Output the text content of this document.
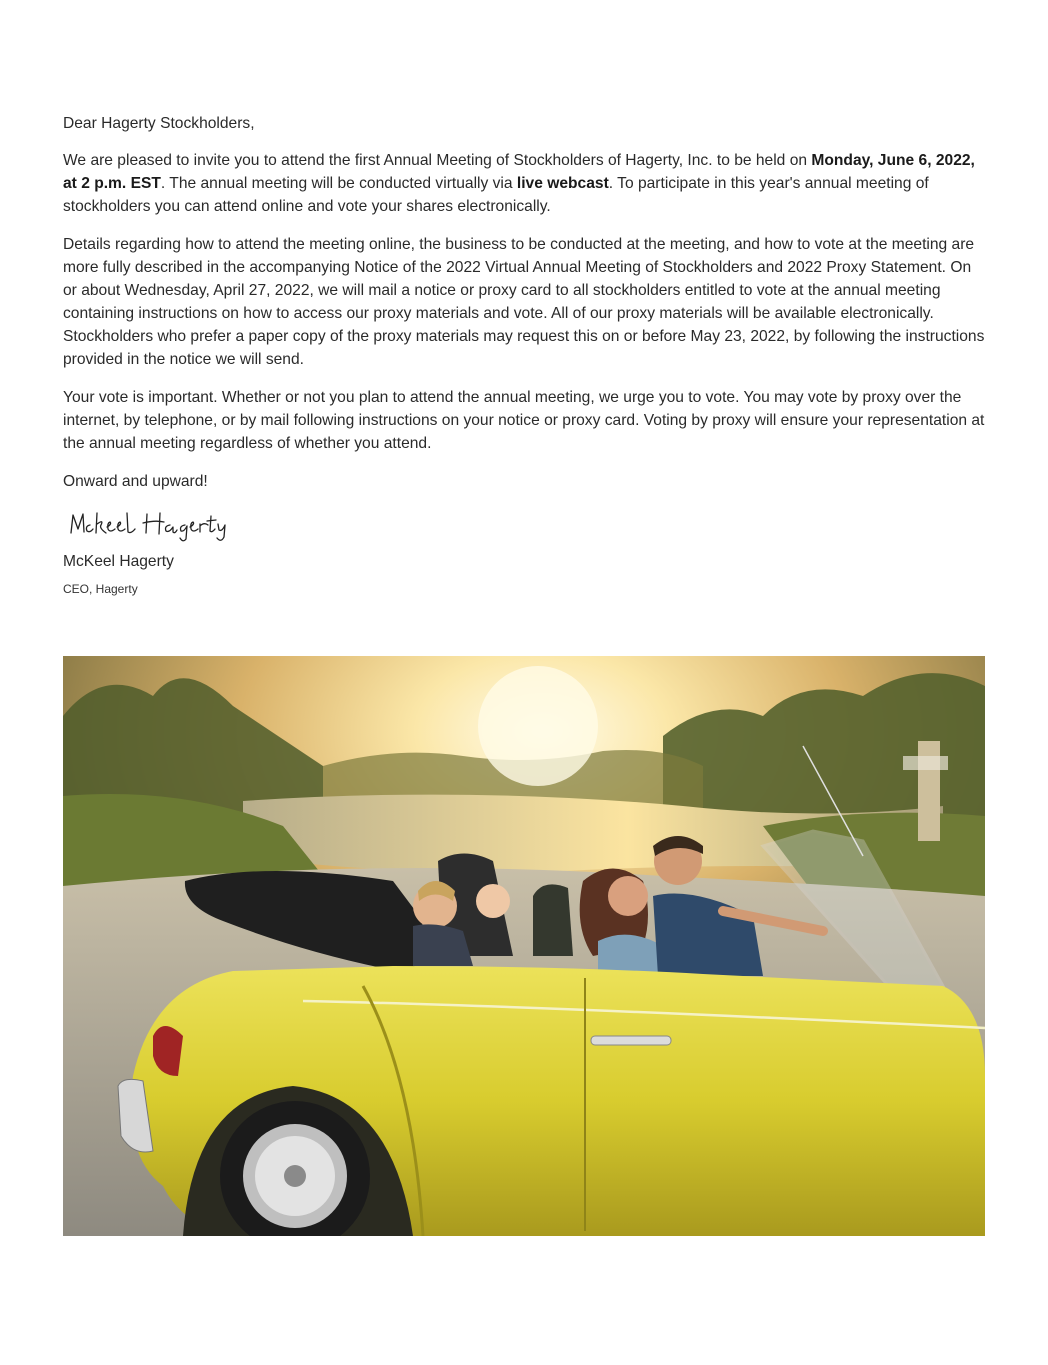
Dear Hagerty Stockholders,

We are pleased to invite you to attend the first Annual Meeting of Stockholders of Hagerty, Inc. to be held on Monday, June 6, 2022, at 2 p.m. EST. The annual meeting will be conducted virtually via live webcast. To participate in this year's annual meeting of stockholders you can attend online and vote your shares electronically.

Details regarding how to attend the meeting online, the business to be conducted at the meeting, and how to vote at the meeting are more fully described in the accompanying Notice of the 2022 Virtual Annual Meeting of Stockholders and 2022 Proxy Statement. On or about Wednesday, April 27, 2022, we will mail a notice or proxy card to all stockholders entitled to vote at the annual meeting containing instructions on how to access our proxy materials and vote. All of our proxy materials will be available electronically. Stockholders who prefer a paper copy of the proxy materials may request this on or before May 23, 2022, by following the instructions provided in the notice we will send.

Your vote is important. Whether or not you plan to attend the annual meeting, we urge you to vote. You may vote by proxy over the internet, by telephone, or by mail following instructions on your notice or proxy card. Voting by proxy will ensure your representation at the annual meeting regardless of whether you attend.

Onward and upward!

McKeel Hagerty

CEO, Hagerty
